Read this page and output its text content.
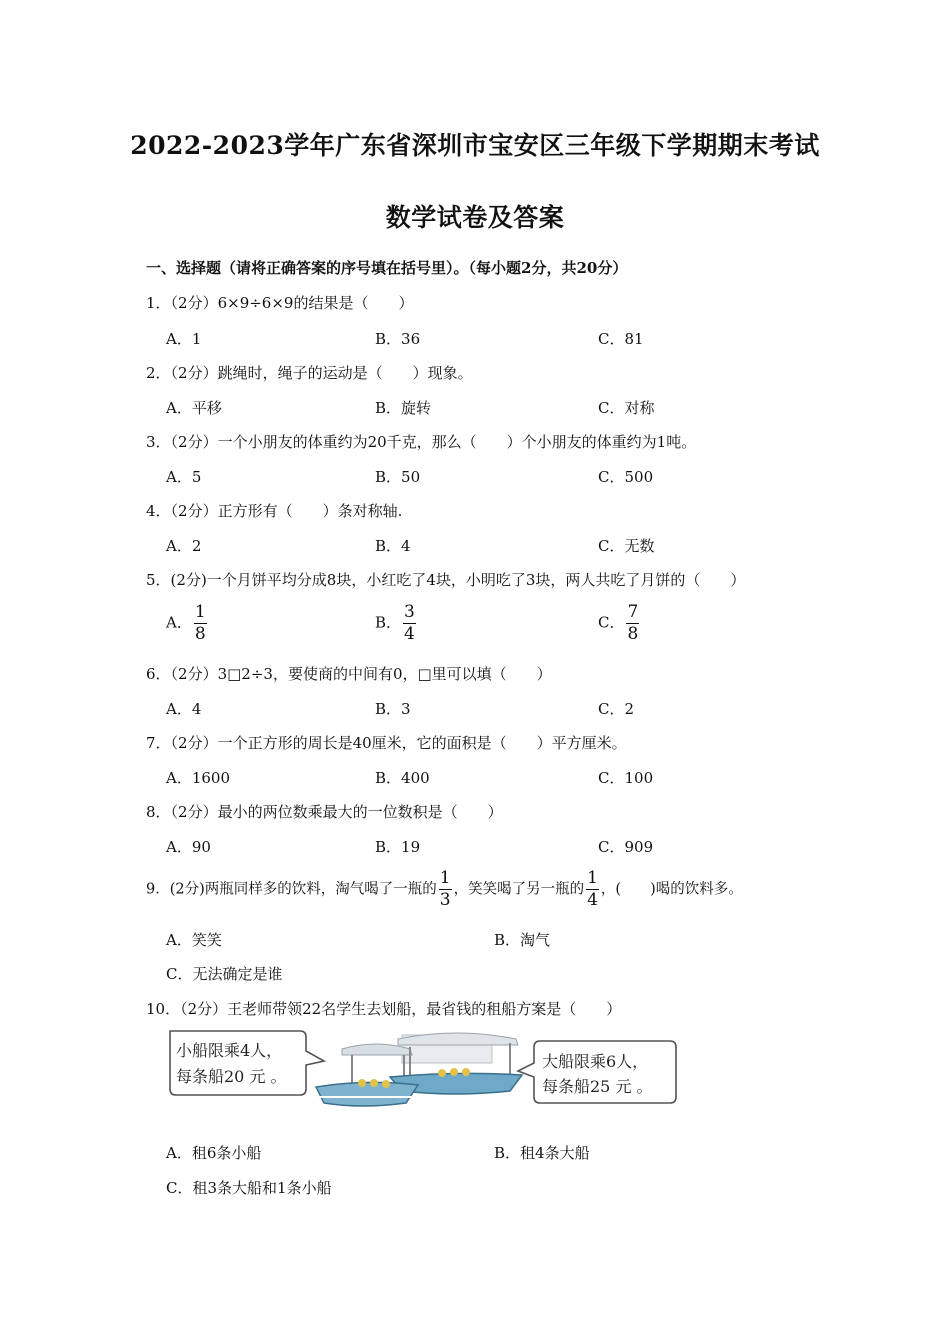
2022-2023学年广东省深圳市宝安区三年级下学期期末考试
数学试卷及答案
一、选择题（请将正确答案的序号填在括号里）。（每小题2分，共20分）
1．（2分）6×9÷6×9的结果是（　　）
A．1	B．36	C．81
2．（2分）跳绳时，绳子的运动是（　　）现象。
A．平移	B．旋转	C．对称
3．（2分）一个小朋友的体重约为20千克，那么（　　）个小朋友的体重约为1吨。
A．5	B．50	C．500
4．（2分）正方形有（　　）条对称轴.
A．2	B．4	C．无数
5．(2分)一个月饼平均分成8块，小红吃了4块，小明吃了3块，两人共吃了月饼的（　　）
A． $\frac{1}{8}$	B． $\frac{3}{4}$	C． $\frac{7}{8}$
6．（2分）3□2÷3，要使商的中间有0，□里可以填（　　）
A．4	B．3	C．2
7．（2分）一个正方形的周长是40厘米，它的面积是（　　）平方厘米。
A．1600	B．400	C．100
8．（2分）最小的两位数乘最大的一位数积是（　　）
A．90	B．19	C．909
9．(2分)两瓶同样多的饮料，淘气喝了一瓶的 $\frac{1}{3}$ ，笑笑喝了另一瓶的 $\frac{1}{4}$ ，(　　)喝的饮料多。
A．笑笑	B．淘气
C．无法确定是谁
10．（2分）王老师带领22名学生去划船，最省钱的租船方案是（　　）
小船限乘4人，
每条船20 元 。
大船限乘6人，
每条船25 元 。
A．租6条小船	B．租4条大船
C．租3条大船和1条小船
